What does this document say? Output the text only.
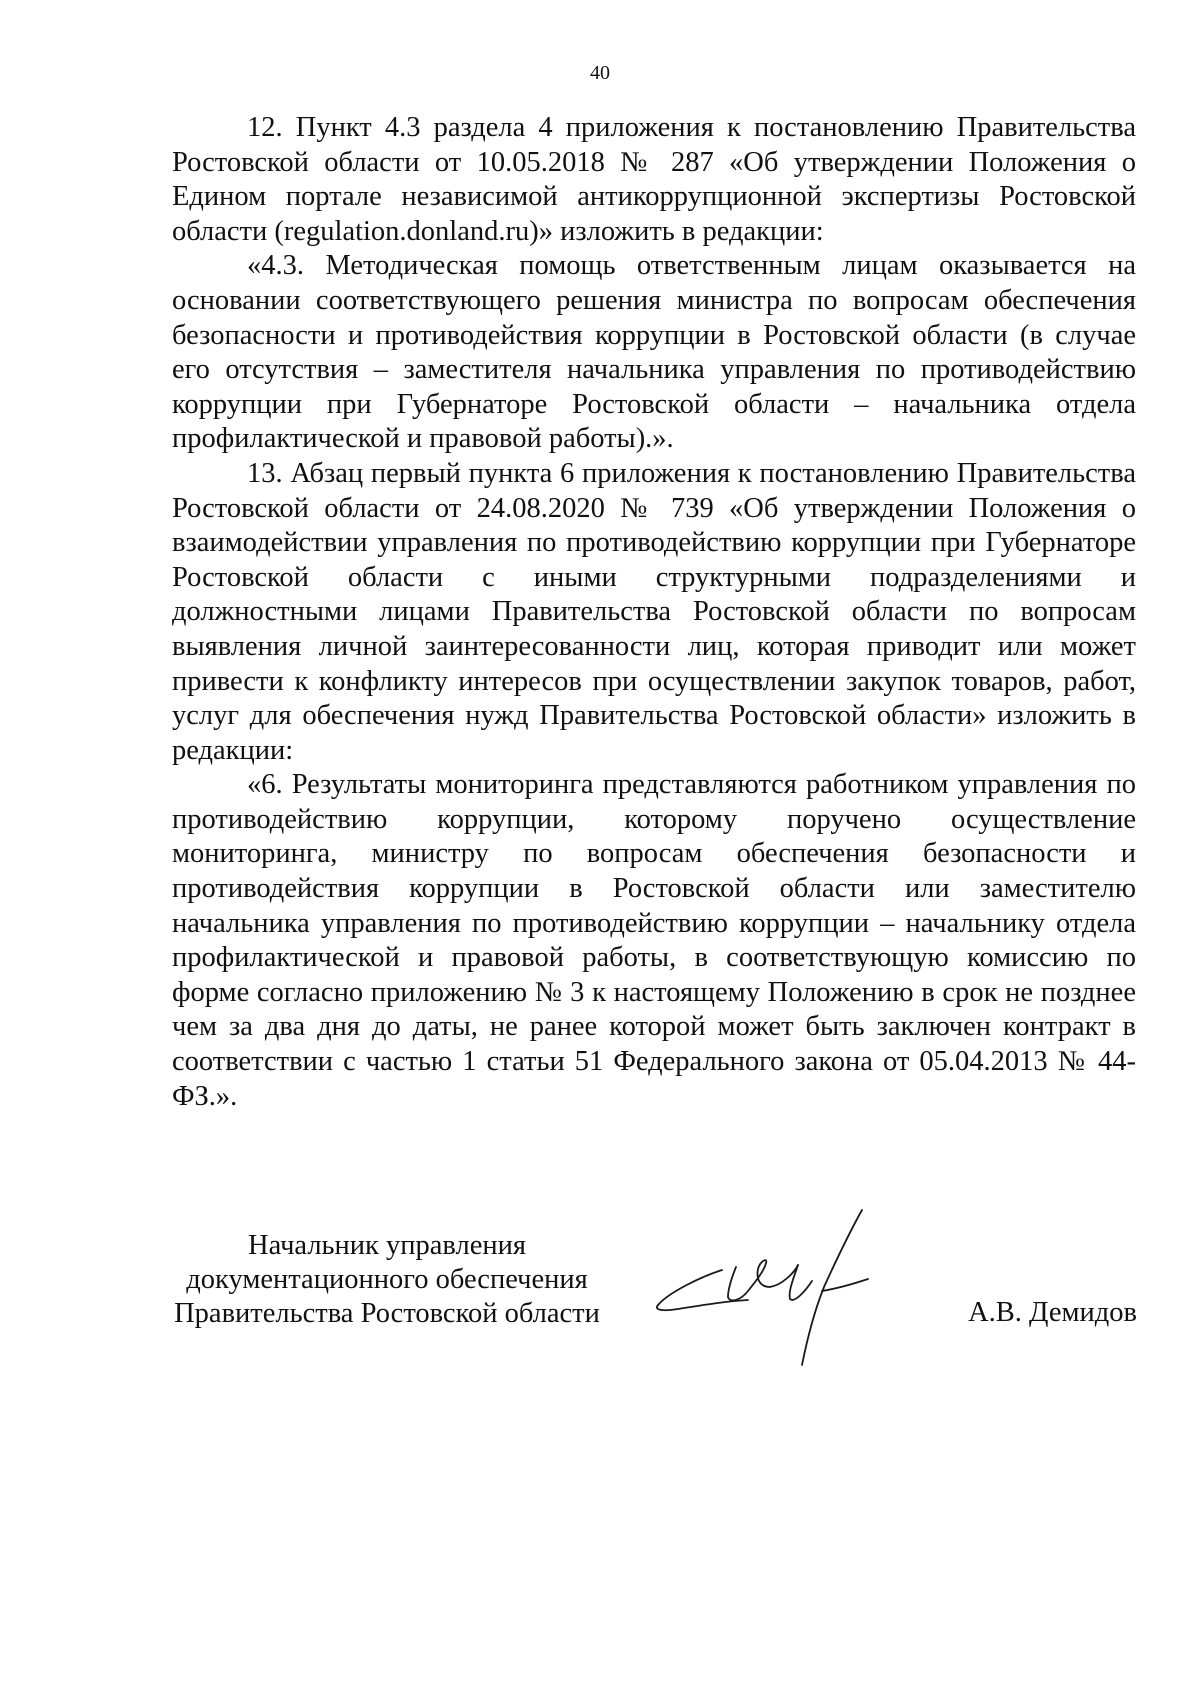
40

12. Пункт 4.3 раздела 4 приложения к постановлению Правительства Ростовской области от 10.05.2018 № 287 «Об утверждении Положения о Едином портале независимой антикоррупционной экспертизы Ростовской области (regulation.donland.ru)» изложить в редакции:

«4.3. Методическая помощь ответственным лицам оказывается на основании соответствующего решения министра по вопросам обеспечения безопасности и противодействия коррупции в Ростовской области (в случае его отсутствия – заместителя начальника управления по противодействию коррупции при Губернаторе Ростовской области – начальника отдела профилактической и правовой работы).».

13. Абзац первый пункта 6 приложения к постановлению Правительства Ростовской области от 24.08.2020 № 739 «Об утверждении Положения о взаимодействии управления по противодействию коррупции при Губернаторе Ростовской области с иными структурными подразделениями и должностными лицами Правительства Ростовской области по вопросам выявления личной заинтересованности лиц, которая приводит или может привести к конфликту интересов при осуществлении закупок товаров, работ, услуг для обеспечения нужд Правительства Ростовской области» изложить в редакции:

«6. Результаты мониторинга представляются работником управления по противодействию коррупции, которому поручено осуществление мониторинга, министру по вопросам обеспечения безопасности и противодействия коррупции в Ростовской области или заместителю начальника управления по противодействию коррупции – начальнику отдела профилактической и правовой работы, в соответствующую комиссию по форме согласно приложению № 3 к настоящему Положению в срок не позднее чем за два дня до даты, не ранее которой может быть заключен контракт в соответствии с частью 1 статьи 51 Федерального закона от 05.04.2013 № 44-ФЗ.».

Начальник управления
документационного обеспечения
Правительства Ростовской области	А.В. Демидов
